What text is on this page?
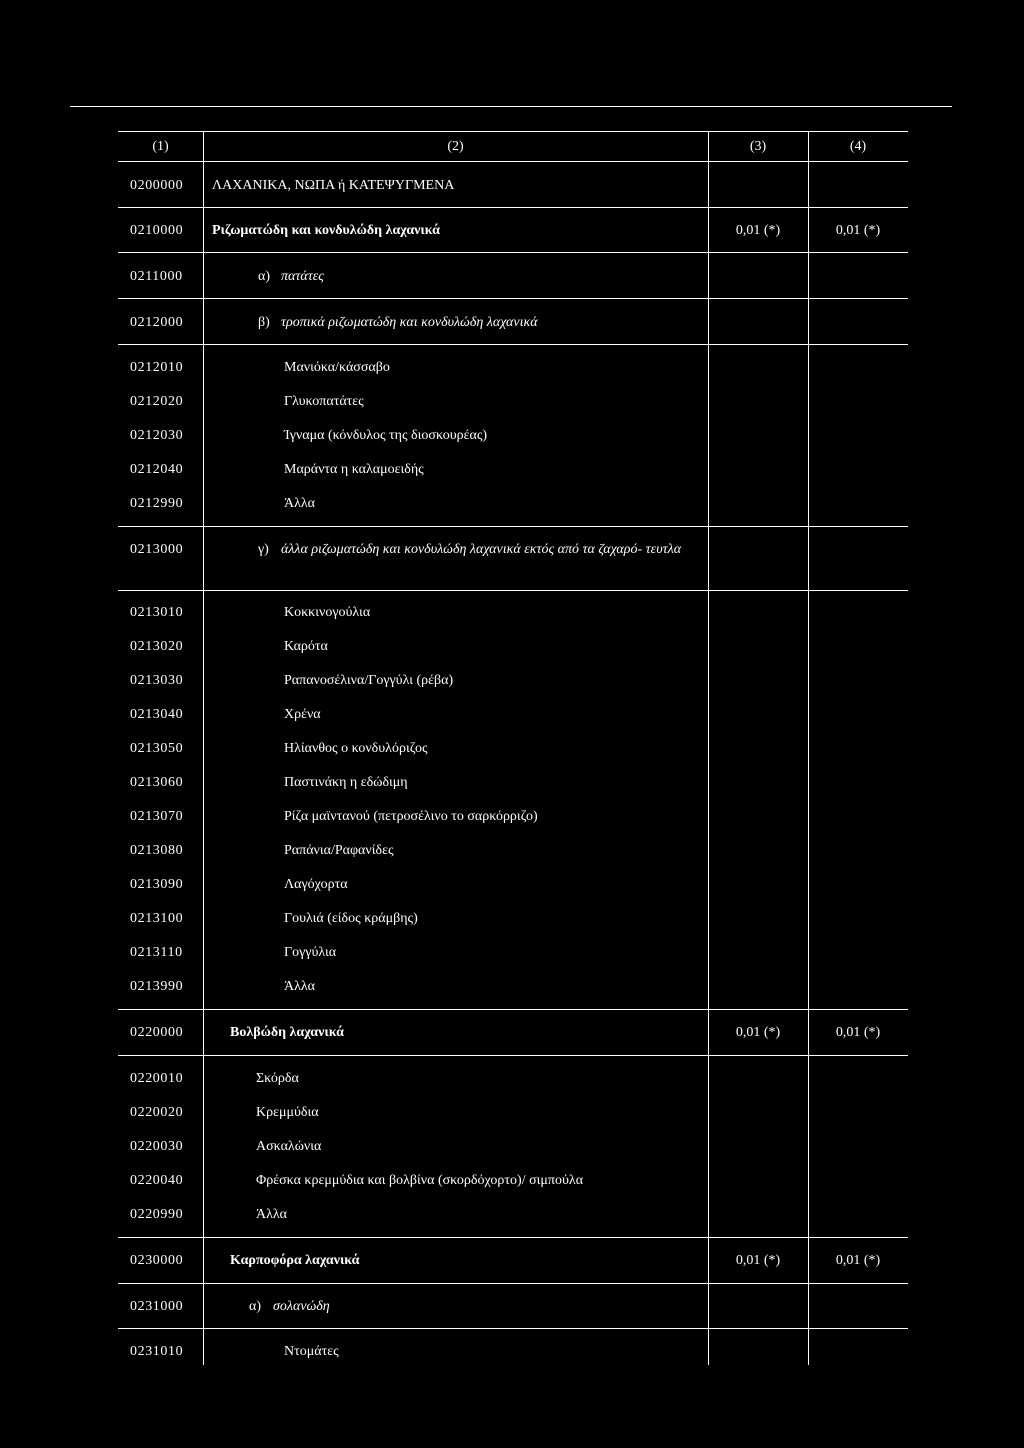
(1)	(2)	(3)	(4)
0200000 ΛΑΧΑΝΙΚΑ, ΝΩΠΑ ή ΚΑΤΕΨΥΓΜΕΝΑ
0210000 Ριζωματώδη και κονδυλώδη λαχανικά	0,01 (*)	0,01 (*)
0211000	α) πατάτες
0212000	β) τροπικά ριζωματώδη και κονδυλώδη λαχανικά
0212010	Μανιόκα/κάσσαβο
0212020	Γλυκοπατάτες
0212030	Ίγναμα (κόνδυλος της διοσκουρέας)
0212040	Μαράντα η καλαμοειδής
0212990	Άλλα
0213000	γ) άλλα ριζωματώδη και κονδυλώδη λαχανικά εκτός από τα ζαχαρό- τευτλα
0213010	Κοκκινογούλια
0213020	Καρότα
0213030	Ραπανοσέλινα/Γογγύλι (ρέβα)
0213040	Χρένα
0213050	Ηλίανθος ο κονδυλόριζος
0213060	Παστινάκη η εδώδιμη
0213070	Ρίζα μαϊντανού (πετροσέλινο το σαρκόρριζο)
0213080	Ραπάνια/Ραφανίδες
0213090	Λαγόχορτα
0213100	Γουλιά (είδος κράμβης)
0213110	Γογγύλια
0213990	Άλλα
0220000	Βολβώδη λαχανικά	0,01 (*)	0,01 (*)
0220010	Σκόρδα
0220020	Κρεμμύδια
0220030	Ασκαλώνια
0220040	Φρέσκα κρεμμύδια και βολβίνα (σκορδόχορτο)/ σιμπούλα
0220990	Άλλα
0230000	Καρποφόρα λαχανικά	0,01 (*)	0,01 (*)
0231000	α) σολανώδη
0231010	Ντομάτες
